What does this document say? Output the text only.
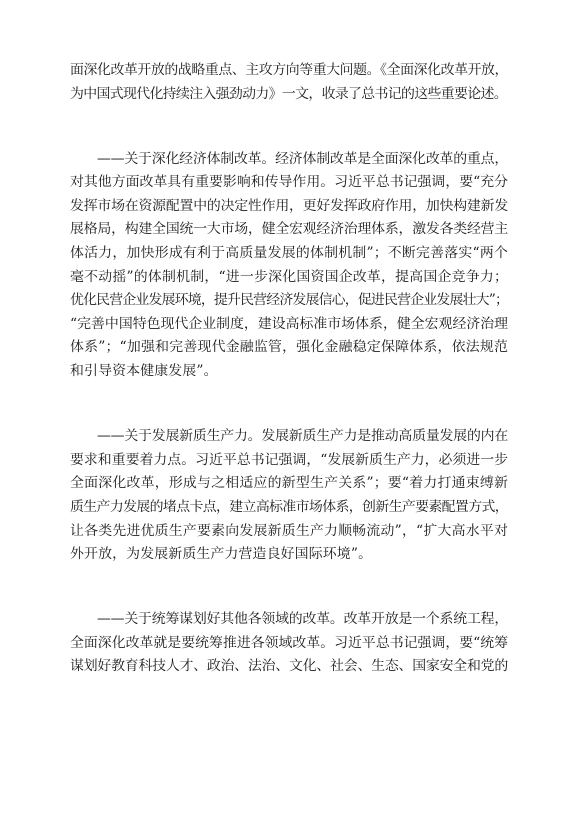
面深化改革开放的战略重点、主攻方向等重大问题。《全面深化改革开放，
为中国式现代化持续注入强劲动力》一文，收录了总书记的这些重要论述。
——关于深化经济体制改革。经济体制改革是全面深化改革的重点，
对其他方面改革具有重要影响和传导作用。习近平总书记强调，要“充分
发挥市场在资源配置中的决定性作用，更好发挥政府作用，加快构建新发
展格局，构建全国统一大市场，健全宏观经济治理体系，激发各类经营主
体活力，加快形成有利于高质量发展的体制机制”；不断完善落实“两个
毫不动摇”的体制机制，“进一步深化国资国企改革，提高国企竞争力；
优化民营企业发展环境，提升民营经济发展信心，促进民营企业发展壮大”；
“完善中国特色现代企业制度，建设高标准市场体系，健全宏观经济治理
体系”；“加强和完善现代金融监管，强化金融稳定保障体系，依法规范
和引导资本健康发展”。
——关于发展新质生产力。发展新质生产力是推动高质量发展的内在
要求和重要着力点。习近平总书记强调，“发展新质生产力，必须进一步
全面深化改革，形成与之相适应的新型生产关系”；要“着力打通束缚新
质生产力发展的堵点卡点，建立高标准市场体系，创新生产要素配置方式，
让各类先进优质生产要素向发展新质生产力顺畅流动”，“扩大高水平对
外开放，为发展新质生产力营造良好国际环境”。
——关于统筹谋划好其他各领域的改革。改革开放是一个系统工程，
全面深化改革就是要统筹推进各领域改革。习近平总书记强调，要“统筹
谋划好教育科技人才、政治、法治、文化、社会、生态、国家安全和党的
